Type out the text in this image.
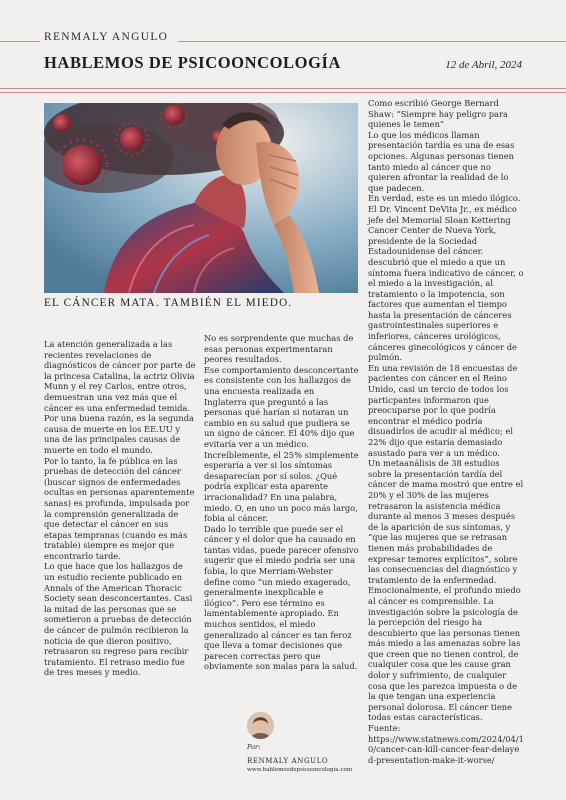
RENMALY ANGULO
HABLEMOS DE PSICOONCOLOGÍA	12 de Abril, 2024
EL CÁNCER MATA. TAMBIÉN EL MIEDO.

La atención generalizada a las recientes revelaciones de diagnósticos de cáncer por parte de la princesa Catalina, la actriz Olivia Munn y el rey Carlos, entre otros, demuestran una vez más que el cáncer es una enfermedad temida. Por una buena razón, es la segunda causa de muerte en los EE.UU y una de las principales causas de muerte en todo el mundo.

Por lo tanto, la fe pública en las pruebas de detección del cáncer (buscar signos de enfermedades ocultas en personas aparentemente sanas) es profunda, impulsada por la comprensión generalizada de que detectar el cáncer en sus etapas tempranas (cuando es más tratable) siempre es mejor que encontrarlo tarde.

Lo que hace que los hallazgos de un estudio reciente publicado en Annals of the American Thoracic Society sean desconcertantes. Casi la mitad de las personas que se sometieron a pruebas de detección de cáncer de pulmón recibieron la noticia de que dieron positivo, retrasaron su regreso para recibir tratamiento. El retraso medio fue de tres meses y medio.

No es sorprendente que muchas de esas personas experimentaran peores resultados.

Ese comportamiento desconcertante es consistente con los hallazgos de una encuesta realizada en Inglaterra que preguntó a las personas qué harían si notaran un cambio en su salud que pudiera se un signo de cáncer. El 40% dijo que evitaría ver a un médico. Increíblemente, el 25% simplemente esperaría a ver si los síntomas desaparecían por sí solos. ¿Qué podría explicar esta aparente irracionalidad? En una palabra, miedo. O, en uno un poco más largo, fobia al cáncer.

Dado lo terrible que puede ser el cáncer y el dolor que ha causado en tantas vidas, puede parecer ofensivo sugerir que el miedo podría ser una fobia, lo que Merriam-Webster define como “un miedo exagerado, generalmente inexplicable e ilógico”. Pero ese término es lamentablemente apropiado. En muchos sentidos, el miedo generalizado al cáncer es tan feroz que lleva a tomar decisiones que parecen correctas pero que obviamente son malas para la salud.

Como escribió George Bernard Shaw: “Siempre hay peligro para quienes le temen”

Lo que los médicos llaman presentación tardía es una de esas opciones. Algunas personas tienen tanto miedo al cáncer que no quieren afrontar la realidad de lo que padecen.

En verdad, este es un miedo ilógico. El Dr. Vincent DeVita Jr., ex médico jefe del Memorial Sloan Kettering Cancer Center de Nueva York, presidente de la Sociedad Estadounidense del cáncer. descubrió que el miedo a que un síntoma fuera indicativo de cáncer, o el miedo a la investigación, al tratamiento o la impotencia, son factores que aumentan el tiempo hasta la presentación de cánceres gastrointestinales superiores e inferiores, cánceres urológicos, cánceres ginecológicos y cáncer de pulmón.

En una revisión de 18 encuestas de pacientes con cáncer en el Reino Unido, casi un tercio de todos los particpantes informaron que preocuparse por lo que podría encontrar el médico podría disuadirlos de acudir al médico; el 22% dijo que estaría demasiado asustado para ver a un médico.

Un metaanálisis de 38 estudios sobre la presentación tardía del cáncer de mama mostró que entre el 20% y el 30% de las mujeres retrasaron la asistencia médica durante al menos 3 meses después de la aparición de sus síntomas, y “que las mujeres que se retrasan tienen más probabilidades de expresar temores explícitos”, sobre las consecuencias del diagnóstico y tratamiento de la enfermedad.

Emocionalmente, el profundo miedo al cáncer es comprensible. La investigación sobre la psicología de la percepción del riesgo ha descubierto que las personas tienen más miedo a las amenazas sobre las que creen que no tienen control, de cualquier cosa que les cause gran dolor y sufrimiento, de cualquier cosa que les parezca impuesta o de la que tengan una experiencia personal dolorosa. El cáncer tiene todas estas características.

Fuente:

https://www.statnews.com/2024/04/10/cancer-can-kill-cancer-fear-delayed-presentation-make-it-worse/

Por:
RENMALY ANGULO
www.hablemosdepsicooncologia.com
